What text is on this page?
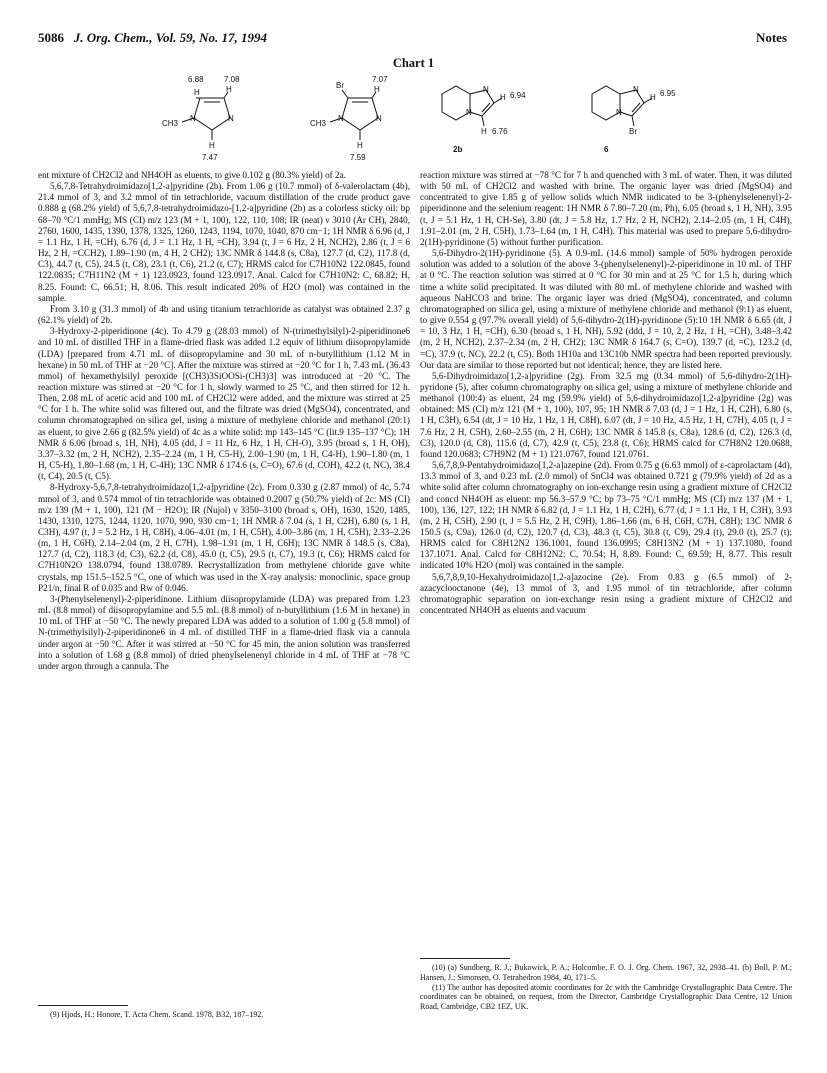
5086 J. Org. Chem., Vol. 59, No. 17, 1994	Notes
Chart 1
6.88	7.08
H	H
CH3
N	N
H
7.47
Br
7.07
H
CH3
N	N
H
7.59
N
N
H 6.94
H 6.76
2b
N
N
H 6.95
Br
6

ent mixture of CH2Cl2 and NH4OH as eluents, to give 0.102 g (80.3% yield) of 2a.

5,6,7,8-Tetrahydroimidazo[1,2-a]pyridine (2b). From 1.06 g (10.7 mmol) of δ-valerolactam (4b), 21.4 mmol of 3, and 3.2 mmol of tin tetrachloride, vacuum distillation of the crude product gave 0.888 g (68.2% yield) of 5,6,7,8-tetrahydroimidazo-[1,2-a]pyridine (2b) as a colorless sticky oil: bp 68–70 °C/1 mmHg; MS (CI) m/z 123 (M + 1, 100), 122, 110, 108; IR (neat) ν 3010 (Ar CH), 2840, 2760, 1600, 1435, 1390, 1378, 1325, 1260, 1243, 1194, 1070, 1040, 870 cm−1; 1H NMR δ 6.96 (d, J = 1.1 Hz, 1 H, =CH), 6.76 (d, J = 1.1 Hz, 1 H, =CH), 3.94 (t, J = 6 Hz, 2 H, NCH2), 2.86 (t, J = 6 Hz, 2 H, =CCH2), 1.89–1.90 (m, 4 H, 2 CH2); 13C NMR δ 144.8 (s, C8a), 127.7 (d, C2), 117.8 (d, C3), 44.7 (t, C5), 24.5 (t, C8), 23.1 (t, C6), 21.2 (t, C7); HRMS calcd for C7H10N2 122.0845, found 122.0835; C7H11N2 (M + 1) 123.0923, found 123.0917. Anal. Calcd for C7H10N2: C, 68.82; H, 8.25. Found: C, 66.51; H, 8.06. This result indicated 20% of H2O (mol) was contained in the sample.

From 3.10 g (31.3 mmol) of 4b and using titanium tetrachloride as catalyst was obtained 2.37 g (62.1% yield) of 2b.

3-Hydroxy-2-piperidinone (4c). To 4.79 g (28.03 mmol) of N-(trimethylsilyl)-2-piperidinone6 and 10 mL of distilled THF in a flame-dried flask was added 1.2 equiv of lithium diisopropylamide (LDA) [prepared from 4.71 mL of diisopropylamine and 30 mL of n-butyllithium (1.12 M in hexane) in 50 mL of THF at −20 °C]. After the mixture was stirred at −20 °C for 1 h, 7.43 mL (36.43 mmol) of hexamethylsilyl peroxide [(CH3)3SiOOSi-(CH3)3] was introduced at −20 °C. The reaction mixture was stirred at −20 °C for 1 h, slowly warmed to 25 °C, and then stirred for 12 h. Then, 2.08 mL of acetic acid and 100 mL of CH2Cl2 were added, and the mixture was stirred at 25 °C for 1 h. The white solid was filtered out, and the filtrate was dried (MgSO4), concentrated, and column chromatographed on silica gel, using a mixture of methylene chloride and methanol (20:1) as eluent, to give 2.66 g (82.5% yield) of 4c as a white solid: mp 143–145 °C (lit.9 135–137 °C); 1H NMR δ 6.06 (broad s, 1H, NH), 4.05 (dd, J = 11 Hz, 6 Hz, 1 H, CH-O), 3.95 (broad s, 1 H, OH), 3.37–3.32 (m, 2 H, NCH2), 2.35–2.24 (m, 1 H, C5-H), 2.00–1.90 (m, 1 H, C4-H), 1.90–1.80 (m, 1 H, C5-H), 1.80–1.68 (m, 1 H, C-4H); 13C NMR δ 174.6 (s, C=O), 67.6 (d, COH), 42.2 (t, NC), 38.4 (t, C4), 20.5 (t, C5).

8-Hydroxy-5,6,7,8-tetrahydroimidazo[1,2-a]pyridine (2c). From 0.330 g (2.87 mmol) of 4c, 5.74 mmol of 3, and 0.574 mmol of tin tetrachloride was obtained 0.2007 g (50.7% yield) of 2c: MS (CI) m/z 139 (M + 1, 100), 121 (M − H2O); IR (Nujol) ν 3350–3100 (broad s, OH), 1630, 1520, 1485, 1430, 1310, 1275, 1244, 1120, 1070, 990, 930 cm−1; 1H NMR δ 7.04 (s, 1 H, C2H), 6.80 (s, 1 H, C3H), 4.97 (t, J = 5.2 Hz, 1 H, C8H), 4.06–4.01 (m, 1 H, C5H), 4.00–3.86 (m, 1 H, C5H), 2.33–2.26 (m, 1 H, C6H), 2.14–2.04 (m, 2 H, C7H), 1.98–1.91 (m, 1 H, C6H); 13C NMR δ 148.5 (s, C8a), 127.7 (d, C2), 118.3 (d, C3), 62.2 (d, C8), 45.0 (t, C5), 29.5 (t, C7), 19.3 (t, C6); HRMS calcd for C7H10N2O 138.0794, found 138.0789. Recrystallization from methylene chloride gave white crystals, mp 151.5–152.5 °C, one of which was used in the X-ray analysis: monoclinic, space group P21/n, final R of 0.035 and Rw of 0.046.

3-(Phenylselenenyl)-2-piperidinone. Lithium diisopropylamide (LDA) was prepared from 1.23 mL (8.8 mmol) of diisopropylamine and 5.5 mL (8.8 mmol) of n-butyllithium (1.6 M in hexane) in 10 mL of THF at −50 °C. The newly prepared LDA was added to a solution of 1.00 g (5.8 mmol) of N-(trimethylsilyl)-2-piperidinone6 in 4 mL of distilled THF in a flame-dried flask via a cannula under argon at −50 °C. After it was stirred at −50 °C for 45 min, the anion solution was transferred into a solution of 1.68 g (8.8 mmol) of dried phenylselenenyl chloride in 4 mL of THF at −78 °C under argon through a cannula. The

(9) Hjods, H.; Honore, T. Acta Chem. Scand. 1978, B32, 187–192.

reaction mixture was stirred at −78 °C for 7 h and quenched with 3 mL of water. Then, it was diluted with 50 mL of CH2Cl2 and washed with brine. The organic layer was dried (MgSO4) and concentrated to give 1.85 g of yellow solids which NMR indicated to be 3-(phenylselenenyl)-2-piperidinone and the selenium reagent: 1H NMR δ 7.80–7.20 (m, Ph), 6.05 (broad s, 1 H, NH), 3.95 (t, J = 5.1 Hz, 1 H, CH-Se), 3.80 (dt, J = 5.8 Hz, 1.7 Hz, 2 H, NCH2), 2.14–2.05 (m, 1 H, C4H), 1.91–2.01 (m, 2 H, C5H), 1.73–1.64 (m, 1 H, C4H). This material was used to prepare 5,6-dihydro-2(1H)-pyridinone (5) without further purification.

5,6-Dihydro-2(1H)-pyridinone (5). A 0.9-mL (14.6 mmol) sample of 50% hydrogen peroxide solution was added to a solution of the above 3-(phenylselenenyl)-2-piperidinone in 10 mL of THF at 0 °C. The reaction solution was stirred at 0 °C for 30 min and at 25 °C for 1.5 h, during which time a white solid precipitated. It was diluted with 80 mL of methylene chloride and washed with aqueous NaHCO3 and brine. The organic layer was dried (MgSO4), concentrated, and column chromatographed on silica gel, using a mixture of methylene chloride and methanol (9:1) as eluent, to give 0.554 g (97.7% overall yield) of 5,6-dihydro-2(1H)-pyridinone (5):10 1H NMR δ 6.65 (dt, J = 10, 3 Hz, 1 H, =CH), 6.30 (broad s, 1 H, NH), 5.92 (ddd, J = 10, 2, 2 Hz, 1 H, =CH), 3.48–3.42 (m, 2 H, NCH2), 2.37–2.34 (m, 2 H, CH2); 13C NMR δ 164.7 (s, C=O), 139.7 (d, =C), 123.2 (d, =C), 37.9 (t, NC), 22.2 (t, C5). Both 1H10a and 13C10b NMR spectra had been reported previously. Our data are similar to those reported but not identical; hence, they are listed here.

5,6-Dihydroimidazo[1,2-a]pyridine (2g). From 32.5 mg (0.34 mmol) of 5,6-dihydro-2(1H)-pyridone (5), after column chromatography on silica gel, using a mixture of methylene chloride and methanol (100:4) as eluent, 24 mg (59.9% yield) of 5,6-dihydroimidazo[1,2-a]pyridine (2g) was obtained: MS (CI) m/z 121 (M + 1, 100), 107, 95; 1H NMR δ 7.03 (d, J = 1 Hz, 1 H, C2H), 6.80 (s, 1 H, C3H), 6.54 (dt, J = 10 Hz, 1 Hz, 1 H, C8H), 6.07 (dt, J = 10 Hz, 4.5 Hz, 1 H, C7H), 4.05 (t, J = 7.6 Hz, 2 H, C5H), 2.60–2.55 (m, 2 H, C6H); 13C NMR δ 145.8 (s, C8a), 128.6 (d, C2), 126.3 (d, C3), 120.0 (d, C8), 115.6 (d, C7), 42.9 (t, C5), 23.8 (t, C6); HRMS calcd for C7H8N2 120.0688, found 120.0683; C7H9N2 (M + 1) 121.0767, found 121.0761.

5,6,7,8,9-Pentahydroimidazo[1,2-a]azepine (2d). From 0.75 g (6.63 mmol) of ε-caprolactam (4d), 13.3 mmol of 3, and 0.23 mL (2.0 mmol) of SnCl4 was obtained 0.721 g (79.9% yield) of 2d as a white solid after column chromatography on ion-exchange resin using a gradient mixture of CH2Cl2 and concd NH4OH as eluent: mp 56.3–57.9 °C; bp 73–75 °C/1 mmHg; MS (CI) m/z 137 (M + 1, 100), 136, 127, 122; 1H NMR δ 6.82 (d, J = 1.1 Hz, 1 H, C2H), 6.77 (d, J = 1.1 Hz, 1 H, C3H), 3.93 (m, 2 H, C5H), 2.90 (t, J = 5.5 Hz, 2 H, C9H), 1.86–1.66 (m, 6 H, C6H, C7H, C8H); 13C NMR δ 150.5 (s, C9a), 126.0 (d, C2), 120.7 (d, C3), 48.3 (t, C5), 30.8 (t, C9), 29.4 (t), 29.0 (t), 25.7 (t); HRMS calcd for C8H12N2 136.1001, found 136.0995; C8H13N2 (M + 1) 137.1080, found 137.1071. Anal. Calcd for C8H12N2: C, 70.54; H, 8.89. Found: C, 69.59; H, 8.77. This result indicated 10% H2O (mol) was contained in the sample.

5,6,7,8,9,10-Hexahydroimidazo[1,2-a]azocine (2e). From 0.83 g (6.5 mmol) of 2-azacyclooctanone (4e), 13 mmol of 3, and 1.95 mmol of tin tetrachloride, after column chromatographic separation on ion-exchange resin using a gradient mixture of CH2Cl2 and concentrated NH4OH as eluents and vacuum

(10) (a) Sundberg, R. J.; Bukowick, P. A.; Holcombe, F. O. J. Org. Chem. 1967, 32, 2938–41. (b) Boll, P. M.; Hansen, J.; Simonsen, O. Tetrahedron 1984, 40, 171–5.

(11) The author has deposited atomic coordinates for 2c with the Cambridge Crystallographic Data Centre. The coordinates can be obtained, on request, from the Director, Cambridge Crystallographic Data Centre, 12 Union Road, Cambridge, CB2 1EZ, UK.
